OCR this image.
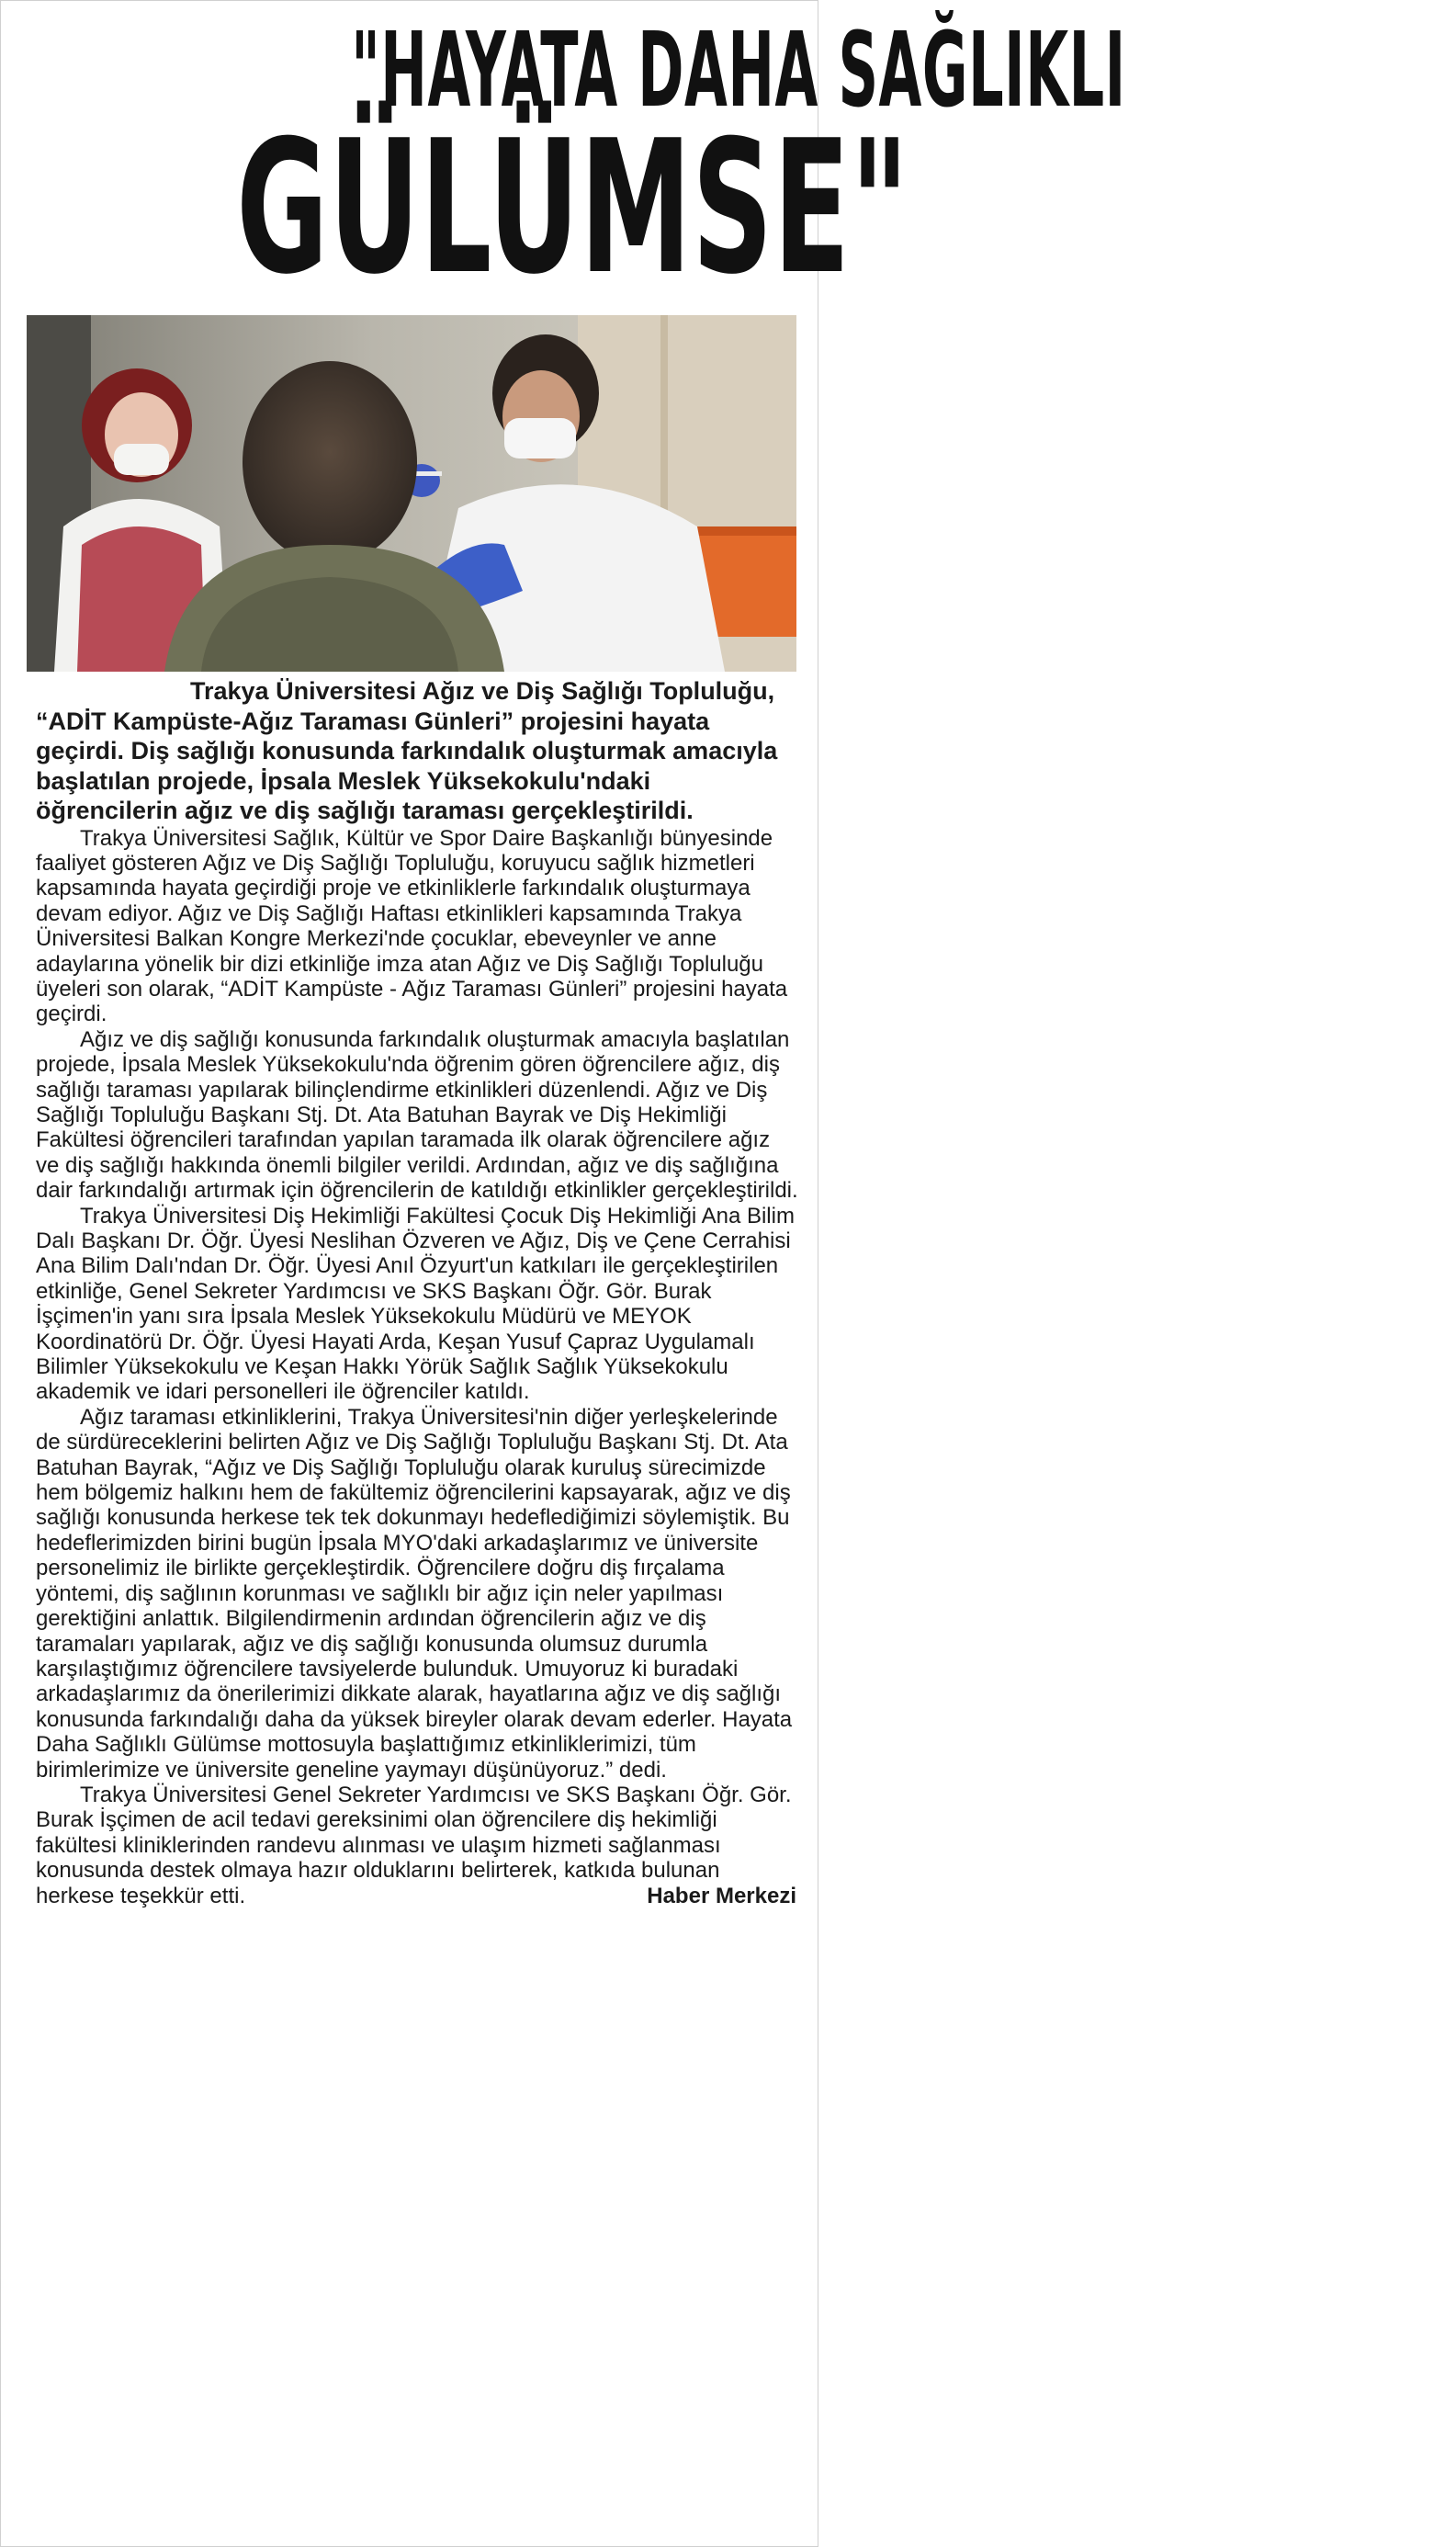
"HAYATA DAHA SAĞLIKLI
GÜLÜMSE"

Trakya Üniversitesi Ağız ve Diş Sağlığı Topluluğu, “ADİT Kampüste-Ağız Taraması Günleri” projesini hayata geçirdi. Diş sağlığı konusunda farkındalık oluşturmak amacıyla başlatılan projede, İpsala Meslek Yüksekokulu'ndaki öğrencilerin ağız ve diş sağlığı taraması gerçekleştirildi.

Trakya Üniversitesi Sağlık, Kültür ve Spor Daire Başkanlığı bünyesinde faaliyet gösteren Ağız ve Diş Sağlığı Topluluğu, koruyucu sağlık hizmetleri kapsamında hayata geçirdiği proje ve etkinliklerle farkındalık oluşturmaya devam ediyor. Ağız ve Diş Sağlığı Haftası etkinlikleri kapsamında Trakya Üniversitesi Balkan Kongre Merkezi'nde çocuklar, ebeveynler ve anne adaylarına yönelik bir dizi etkinliğe imza atan Ağız ve Diş Sağlığı Topluluğu üyeleri son olarak, “ADİT Kampüste - Ağız Taraması Günleri” projesini hayata geçirdi.

Ağız ve diş sağlığı konusunda farkındalık oluşturmak amacıyla başlatılan projede, İpsala Meslek Yüksekokulu'nda öğrenim gören öğrencilere ağız, diş sağlığı taraması yapılarak bilinçlendirme etkinlikleri düzenlendi. Ağız ve Diş Sağlığı Topluluğu Başkanı Stj. Dt. Ata Batuhan Bayrak ve Diş Hekimliği Fakültesi öğrencileri tarafından yapılan taramada ilk olarak öğrencilere ağız ve diş sağlığı hakkında önemli bilgiler verildi. Ardından, ağız ve diş sağlığına dair farkındalığı artırmak için öğrencilerin de katıldığı etkinlikler gerçekleştirildi.

Trakya Üniversitesi Diş Hekimliği Fakültesi Çocuk Diş Hekimliği Ana Bilim Dalı Başkanı Dr. Öğr. Üyesi Neslihan Özveren ve Ağız, Diş ve Çene Cerrahisi Ana Bilim Dalı'ndan Dr. Öğr. Üyesi Anıl Özyurt'un katkıları ile gerçekleştirilen etkinliğe, Genel Sekreter Yardımcısı ve SKS Başkanı Öğr. Gör. Burak İşçimen'in yanı sıra İpsala Meslek Yüksekokulu Müdürü ve MEYOK Koordinatörü Dr. Öğr. Üyesi Hayati Arda, Keşan Yusuf Çapraz Uygulamalı Bilimler Yüksekokulu ve Keşan Hakkı Yörük Sağlık Sağlık Yüksekokulu akademik ve idari personelleri ile öğrenciler katıldı.

Ağız taraması etkinliklerini, Trakya Üniversitesi'nin diğer yerleşkelerinde de sürdüreceklerini belirten Ağız ve Diş Sağlığı Topluluğu Başkanı Stj. Dt. Ata Batuhan Bayrak, “Ağız ve Diş Sağlığı Topluluğu olarak kuruluş sürecimizde hem bölgemiz halkını hem de fakültemiz öğrencilerini kapsayarak, ağız ve diş sağlığı konusunda herkese tek tek dokunmayı hedeflediğimizi söylemiştik. Bu hedeflerimizden birini bugün İpsala MYO'daki arkadaşlarımız ve üniversite personelimiz ile birlikte gerçekleştirdik. Öğrencilere doğru diş fırçalama yöntemi, diş sağlının korunması ve sağlıklı bir ağız için neler yapılması gerektiğini anlattık. Bilgilendirmenin ardından öğrencilerin ağız ve diş taramaları yapılarak, ağız ve diş sağlığı konusunda olumsuz durumla karşılaştığımız öğrencilere tavsiyelerde bulunduk. Umuyoruz ki buradaki arkadaşlarımız da önerilerimizi dikkate alarak, hayatlarına ağız ve diş sağlığı konusunda farkındalığı daha da yüksek bireyler olarak devam ederler. Hayata Daha Sağlıklı Gülümse mottosuyla başlattığımız etkinliklerimizi, tüm birimlerimize ve üniversite geneline yaymayı düşünüyoruz.” dedi.

Trakya Üniversitesi Genel Sekreter Yardımcısı ve SKS Başkanı Öğr. Gör. Burak İşçimen de acil tedavi gereksinimi olan öğrencilere diş hekimliği fakültesi kliniklerinden randevu alınması ve ulaşım hizmeti sağlanması konusunda destek olmaya hazır olduklarını belirterek, katkıda bulunan herkese teşekkür etti.	Haber Merkezi
